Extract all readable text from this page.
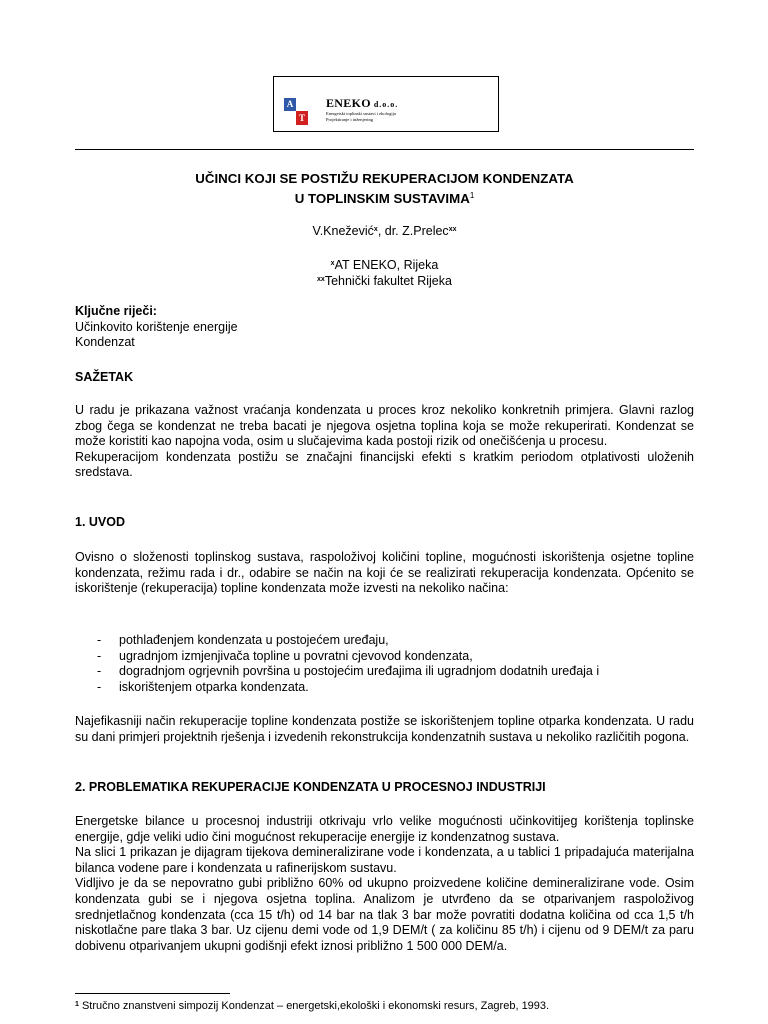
A
T
ENEKO d.o.o.
Energetski toplinski sustavi i ekologija
Projektiranje i inženjering
UČINCI KOJI SE POSTIŽU REKUPERACIJOM KONDENZATA
U TOPLINSKIM SUSTAVIMA$^1$
V.Knežević$^x$, dr. Z.Prelec$^{xx}$
$^x$AT ENEKO, Rijeka
$^{xx}$Tehnički fakultet Rijeka

Ključne riječi:

Učinkovito korištenje energije

Kondenzat

SAŽETAK

U radu je prikazana važnost vraćanja kondenzata u proces kroz nekoliko konkretnih primjera. Glavni razlog zbog čega se kondenzat ne treba bacati je njegova osjetna toplina koja se može rekuperirati. Kondenzat se može koristiti kao napojna voda, osim u slučajevima kada postoji rizik od onečišćenja u procesu.

Rekuperacijom kondenzata postižu se značajni financijski efekti s kratkim periodom otplativosti uloženih sredstava.

1. UVOD

Ovisno o složenosti toplinskog sustava, raspoloživoj količini topline, mogućnosti iskorištenja osjetne topline kondenzata, režimu rada i dr., odabire se način na koji će se realizirati rekuperacija kondenzata. Općenito se iskorištenje (rekuperacija) topline kondenzata može izvesti na nekoliko načina:

- pothlađenjem kondenzata u postojećem uređaju,
- ugradnjom izmjenjivača topline u povratni cjevovod kondenzata,
- dogradnjom ogrjevnih površina u postojećim uređajima ili ugradnjom dodatnih uređaja i
- iskorištenjem otparka kondenzata.

Najefikasniji način rekuperacije topline kondenzata postiže se iskorištenjem topline otparka kondenzata. U radu su dani primjeri projektnih rješenja i izvedenih rekonstrukcija kondenzatnih sustava u nekoliko različitih pogona.

2. PROBLEMATIKA REKUPERACIJE KONDENZATA U PROCESNOJ INDUSTRIJI

Energetske bilance u procesnoj industriji otkrivaju vrlo velike mogućnosti učinkovitijeg korištenja toplinske energije, gdje veliki udio čini mogućnost rekuperacije energije iz kondenzatnog sustava.

Na slici 1 prikazan je dijagram tijekova demineralizirane vode i kondenzata, a u tablici 1 pripadajuća materijalna bilanca vodene pare i kondenzata u rafinerijskom sustavu.

Vidljivo je da se nepovratno gubi približno 60% od ukupno proizvedene količine demineralizirane vode. Osim kondenzata gubi se i njegova osjetna toplina. Analizom je utvrđeno da se otparivanjem raspoloživog srednjetlačnog kondenzata (cca 15 t/h) od 14 bar na tlak 3 bar može povratiti dodatna količina od cca 1,5 t/h niskotlačne pare tlaka 3 bar. Uz cijenu demi vode od 1,9 DEM/t ( za količinu 85 t/h) i cijenu od 9 DEM/t za paru dobivenu otparivanjem ukupni godišnji efekt iznosi približno 1 500 000 DEM/a.

$^1$ Stručno znanstveni simpozij Kondenzat – energetski,ekološki i ekonomski resurs, Zagreb, 1993.
